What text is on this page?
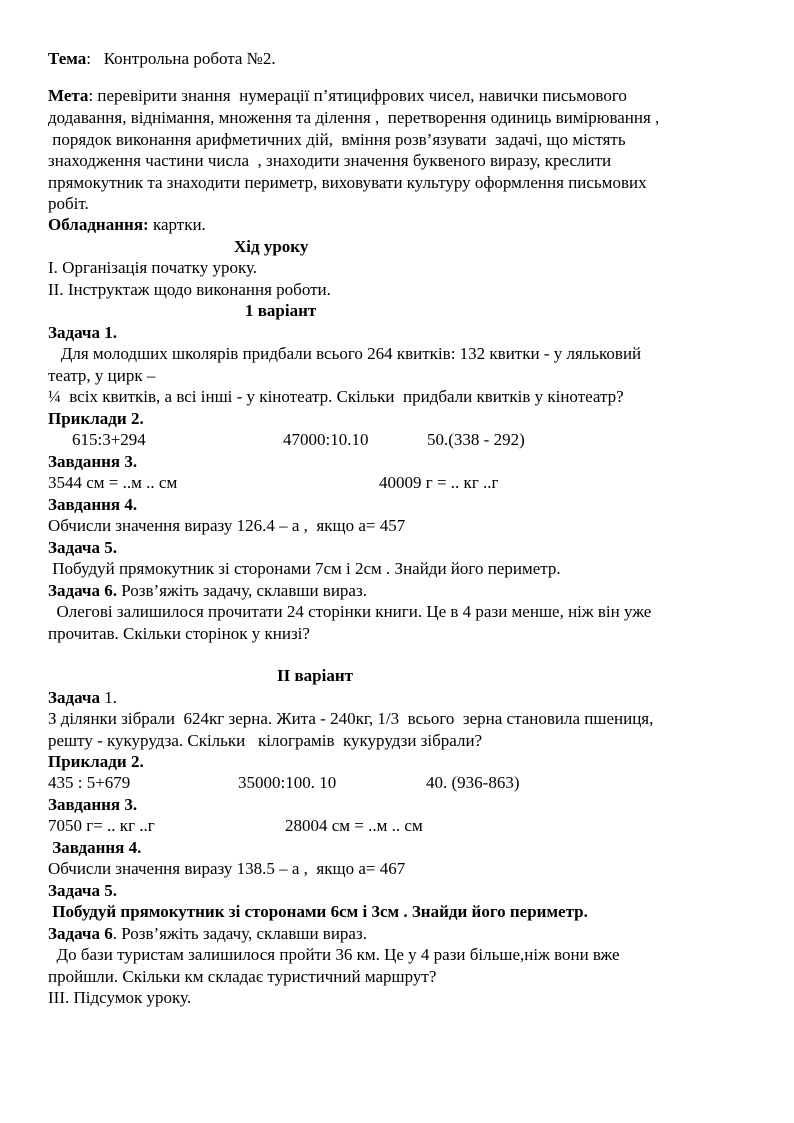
Тема:   Контрольна робота №2.
Мета: перевірити знання  нумерації п’ятицифрових чисел, навички письмового
додавання, віднімання, множення та ділення ,  перетворення одиниць вимірювання ,
порядок виконання арифметичних дій,  вміння розв’язувати  задачі, що містять
знаходження частини числа  , знаходити значення буквеного виразу, креслити
прямокутник та знаходити периметр, виховувати культуру оформлення письмових
робіт.
Обладнання: картки.
Хід уроку
І. Організація початку уроку.
ІІ. Інструктаж щодо виконання роботи.
1 варіант
Задача 1.
Для молодших школярів придбали всього 264 квитків: 132 квитки - у ляльковий
театр, у цирк –
¼  всіх квитків, а всі інші - у кінотеатр. Скільки  придбали квитків у кінотеатр?
Приклади 2.
615:3+294	47000:10.10	50.(338 - 292)
Завдання 3.
3544 см = ..м .. см	40009 г = .. кг ..г
Завдання 4.
Обчисли значення виразу 126.4 – а ,  якщо а= 457
Задача 5.
Побудуй прямокутник зі сторонами 7см і 2см . Знайди його периметр.
Задача 6. Розв’яжіть задачу, склавши вираз.
Олегові залишилося прочитати 24 сторінки книги. Це в 4 рази менше, ніж він уже
прочитав. Скільки сторінок у книзі?
ІІ варіант
Задача 1.
З ділянки зібрали  624кг зерна. Жита - 240кг, 1/3  всього  зерна становила пшениця,
решту - кукурудза. Скільки   кілограмів  кукурудзи зібрали?
Приклади 2.
435 : 5+679	35000:100. 10	40. (936-863)
Завдання 3.
7050 г= .. кг ..г	28004 см = ..м .. см
Завдання 4.
Обчисли значення виразу 138.5 – а ,  якщо а= 467
Задача 5.
Побудуй прямокутник зі сторонами 6см і 3см . Знайди його периметр.
Задача 6. Розв’яжіть задачу, склавши вираз.
До бази туристам залишилося пройти 36 км. Це у 4 рази більше,ніж вони вже
пройшли. Скільки км складає туристичний маршрут?
ІІІ. Підсумок уроку.
